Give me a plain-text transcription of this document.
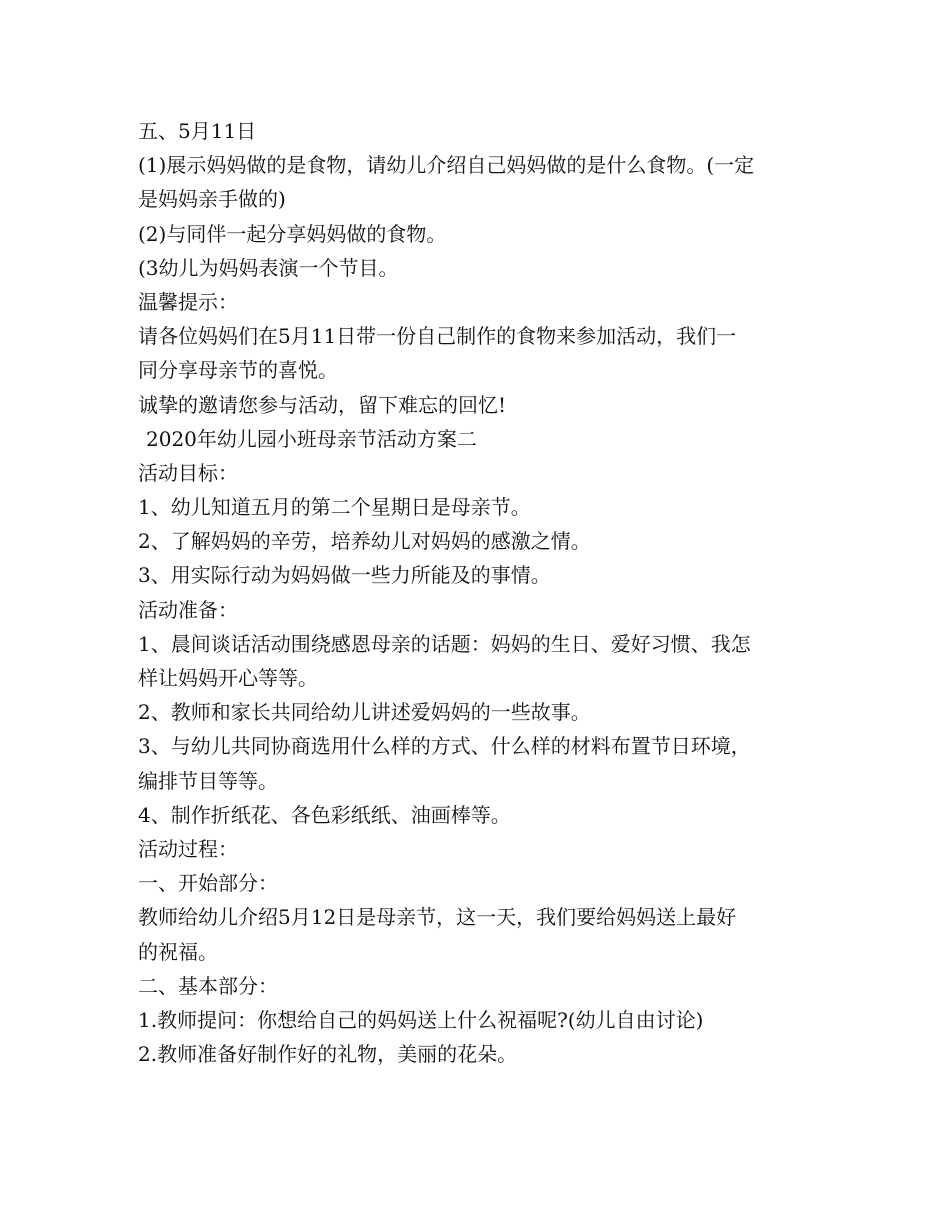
五、5月11日
(1)展示妈妈做的是食物，请幼儿介绍自己妈妈做的是什么食物。(一定
是妈妈亲手做的)
(2)与同伴一起分享妈妈做的食物。
(3幼儿为妈妈表演一个节目。
温馨提示：
请各位妈妈们在5月11日带一份自己制作的食物来参加活动，我们一
同分享母亲节的喜悦。
诚挚的邀请您参与活动，留下难忘的回忆!
2020年幼儿园小班母亲节活动方案二
活动目标：
1、幼儿知道五月的第二个星期日是母亲节。
2、了解妈妈的辛劳，培养幼儿对妈妈的感激之情。
3、用实际行动为妈妈做一些力所能及的事情。
活动准备：
1、晨间谈话活动围绕感恩母亲的话题：妈妈的生日、爱好习惯、我怎
样让妈妈开心等等。
2、教师和家长共同给幼儿讲述爱妈妈的一些故事。
3、与幼儿共同协商选用什么样的方式、什么样的材料布置节日环境，
编排节目等等。
4、制作折纸花、各色彩纸纸、油画棒等。
活动过程：
一、开始部分：
教师给幼儿介绍5月12日是母亲节，这一天，我们要给妈妈送上最好
的祝福。
二、基本部分：
1.教师提问：你想给自己的妈妈送上什么祝福呢?(幼儿自由讨论)
2.教师准备好制作好的礼物，美丽的花朵。
